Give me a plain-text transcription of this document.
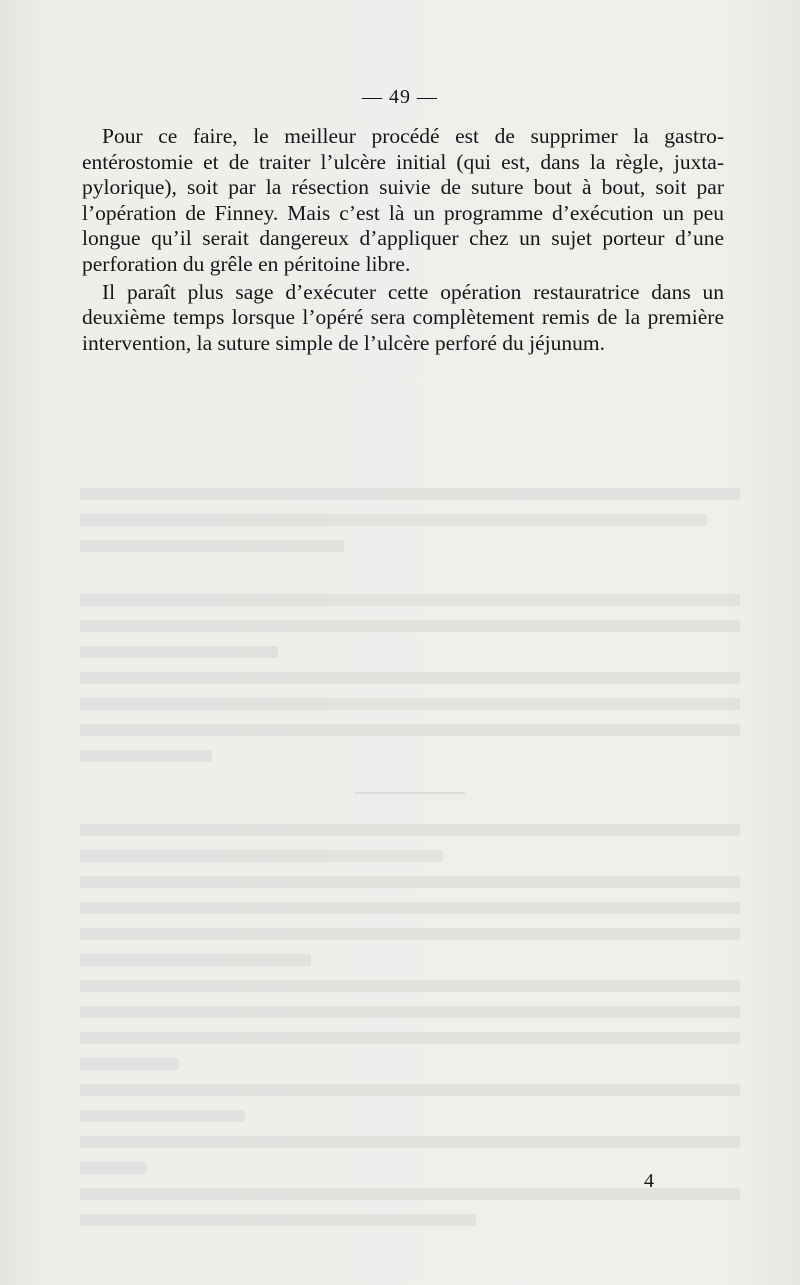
— 49 —

Pour ce faire, le meilleur procédé est de supprimer la gastro-entérostomie et de traiter l’ulcère initial (qui est, dans la règle, juxta-pylorique), soit par la résection suivie de suture bout à bout, soit par l’opération de Finney. Mais c’est là un programme d’exécution un peu longue qu’il serait dangereux d’appliquer chez un sujet porteur d’une perforation du grêle en péritoine libre.

Il paraît plus sage d’exécuter cette opération restauratrice dans un deuxième temps lorsque l’opéré sera complètement remis de la première intervention, la suture simple de l’ulcère perforé du jéjunum.

4
